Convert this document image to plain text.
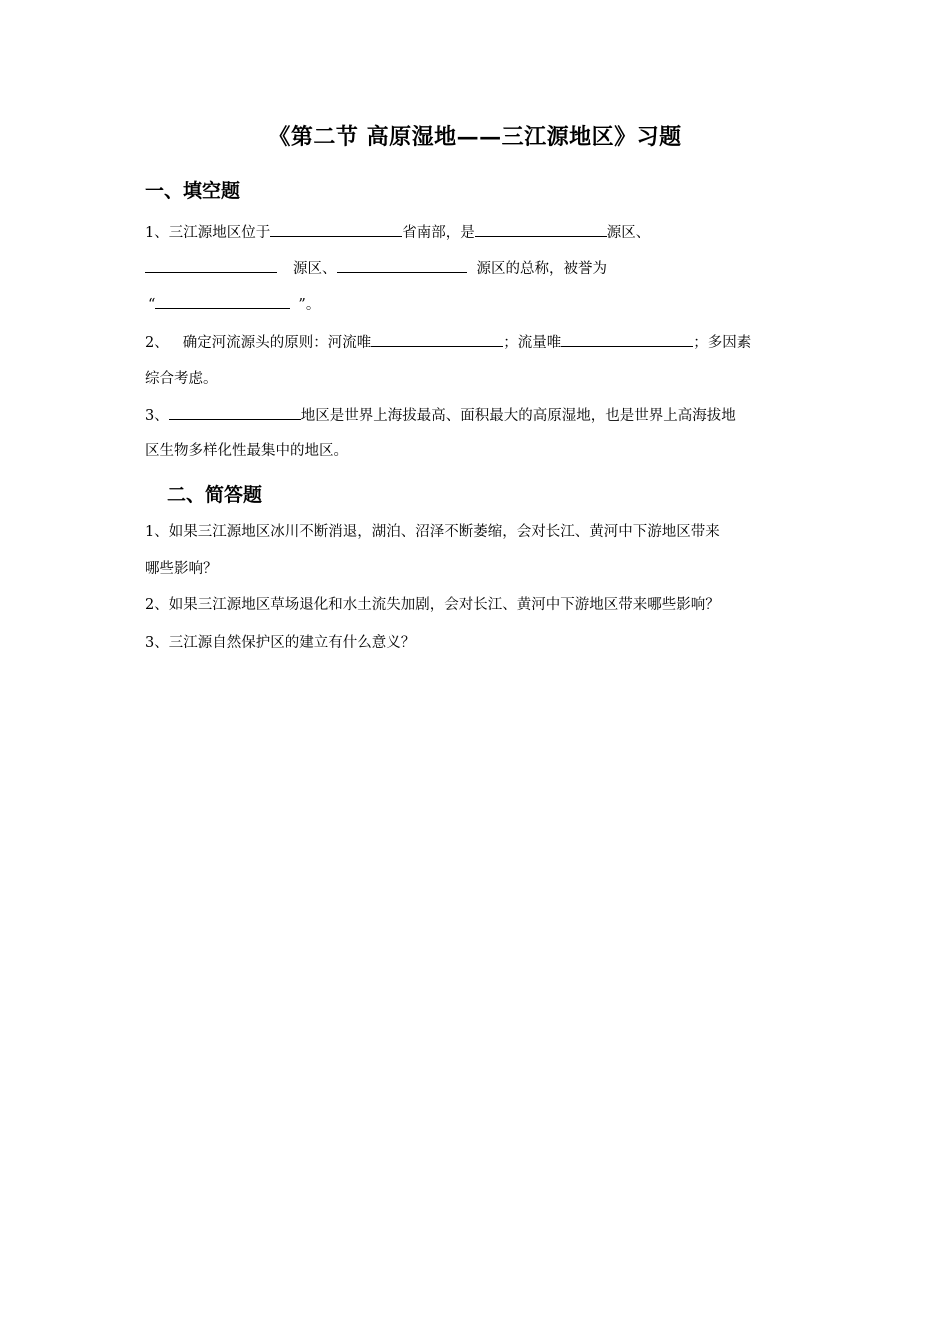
《第二节 高原湿地——三江源地区》习题
一、填空题
1、三江源地区位于	省南部，是	源区、
源区、	源区的总称，被誉为
“	”。
2、 确定河流源头的原则：河流唯	；流量唯	；多因素
综合考虑。
3、	地区是世界上海拔最高、面积最大的高原湿地，也是世界上高海拔地
区生物多样化性最集中的地区。
二、简答题
1、如果三江源地区冰川不断消退，湖泊、沼泽不断萎缩，会对长江、黄河中下游地区带来
哪些影响？
2、如果三江源地区草场退化和水土流失加剧，会对长江、黄河中下游地区带来哪些影响？
3、三江源自然保护区的建立有什么意义？
